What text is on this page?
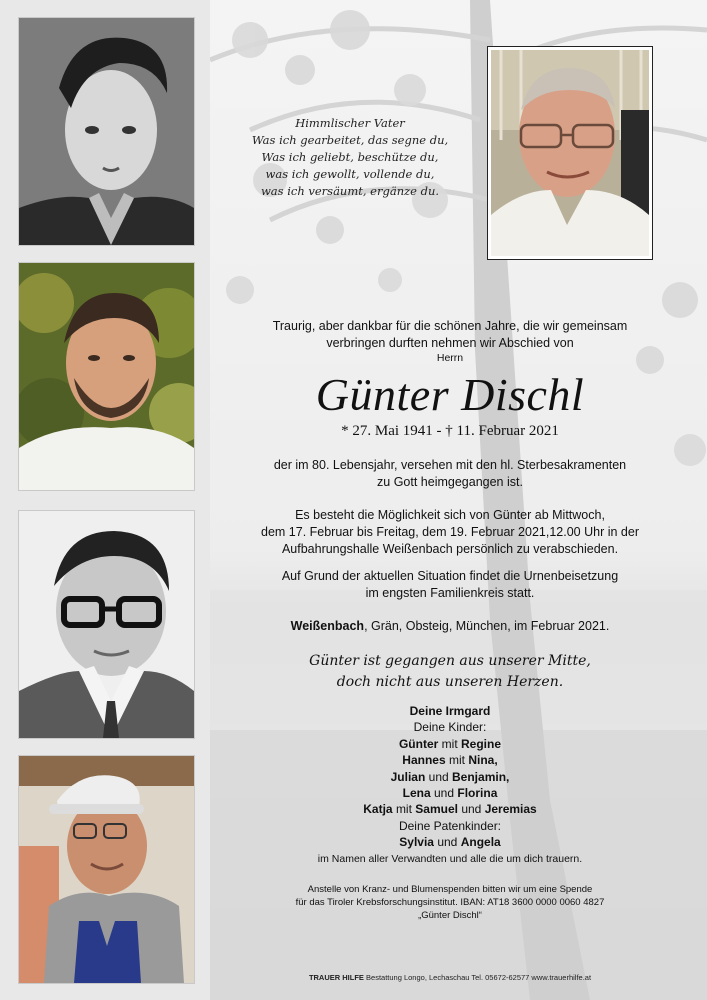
Himmlischer Vater
Was ich gearbeitet, das segne du,
Was ich geliebt, beschütze du,
was ich gewollt, vollende du,
was ich versäumt, ergänze du.

Traurig, aber dankbar für die schönen Jahre, die wir gemeinsam

verbringen durften nehmen wir Abschied von

Herrn

Günter Dischl

* 27. Mai 1941 - † 11. Februar 2021

der im 80. Lebensjahr, versehen mit den hl. Sterbesakramenten

zu Gott heimgegangen ist.

Es besteht die Möglichkeit sich von Günter ab Mittwoch,

dem 17. Februar bis Freitag, dem 19. Februar 2021,12.00 Uhr in der

Aufbahrungshalle Weißenbach persönlich zu verabschieden.

Auf Grund der aktuellen Situation findet die Urnenbeisetzung

im engsten Familienkreis statt.

Weißenbach, Grän, Obsteig, München, im Februar 2021.

Günter ist gegangen aus unserer Mitte,

doch nicht aus unseren Herzen.

Deine Irmgard

Deine Kinder:

Günter mit Regine

Hannes mit Nina,

Julian und Benjamin,

Lena und Florina

Katja mit Samuel und Jeremias

Deine Patenkinder:

Sylvia und Angela

im Namen aller Verwandten und alle die um dich trauern.

Anstelle von Kranz- und Blumenspenden bitten wir um eine Spende

für das Tiroler Krebsforschungsinstitut. IBAN: AT18 3600 0000 0060 4827

„Günter Dischl“

TRAUER HILFE Bestattung Longo, Lechaschau Tel. 05672-62577 www.trauerhilfe.at
